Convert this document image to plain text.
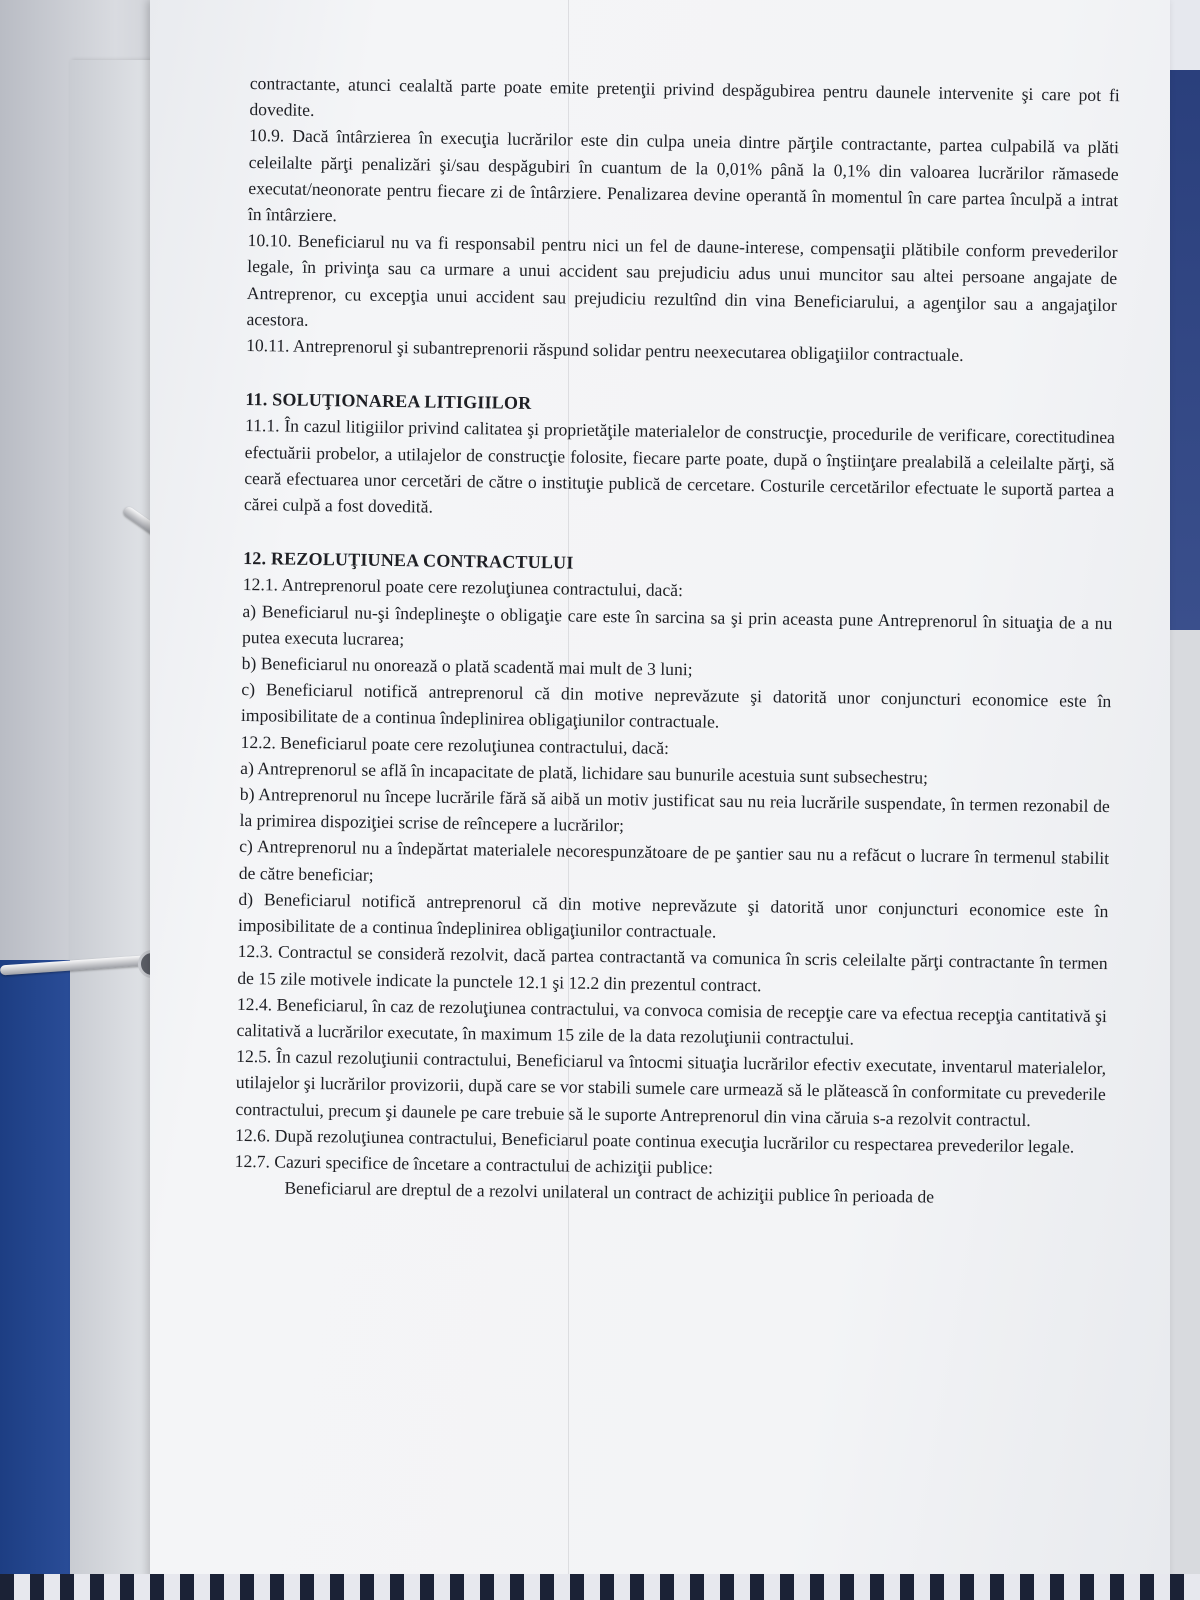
contractante, atunci cealaltă parte poate emite pretenţii privind despăgubirea pentru daunele intervenite şi care pot fi dovedite.

10.9. Dacă întârzierea în execuţia lucrărilor este din culpa uneia dintre părţile contractante, partea culpabilă va plăti celeilalte părţi penalizări şi/sau despăgubiri în cuantum de la 0,01% până la 0,1% din valoarea lucrărilor rămasede executat/neonorate pentru fiecare zi de întârziere. Penalizarea devine operantă în momentul în care partea înculpă a intrat în întârziere.

10.10. Beneficiarul nu va fi responsabil pentru nici un fel de daune-interese, compensaţii plătibile conform prevederilor legale, în privinţa sau ca urmare a unui accident sau prejudiciu adus unui muncitor sau altei persoane angajate de Antreprenor, cu excepţia unui accident sau prejudiciu rezultînd din vina Beneficiarului, a agenţilor sau a angajaţilor acestora.

10.11. Antreprenorul şi subantreprenorii răspund solidar pentru neexecutarea obligaţiilor contractuale.

11. SOLUŢIONAREA LITIGIILOR

11.1. În cazul litigiilor privind calitatea şi proprietăţile materialelor de construcţie, procedurile de verificare, corectitudinea efectuării probelor, a utilajelor de construcţie folosite, fiecare parte poate, după o înştiinţare prealabilă a celeilalte părţi, să ceară efectuarea unor cercetări de către o instituţie publică de cercetare. Costurile cercetărilor efectuate le suportă partea a cărei culpă a fost dovedită.

12. REZOLUŢIUNEA CONTRACTULUI

12.1. Antreprenorul poate cere rezoluţiunea contractului, dacă:

a) Beneficiarul nu-şi îndeplineşte o obligaţie care este în sarcina sa şi prin aceasta pune Antreprenorul în situaţia de a nu putea executa lucrarea;

b) Beneficiarul nu onorează o plată scadentă mai mult de 3 luni;

c) Beneficiarul notifică antreprenorul că din motive neprevăzute şi datorită unor conjuncturi economice este în imposibilitate de a continua îndeplinirea obligaţiunilor contractuale.

12.2. Beneficiarul poate cere rezoluţiunea contractului, dacă:

a) Antreprenorul se află în incapacitate de plată, lichidare sau bunurile acestuia sunt subsechestru;

b) Antreprenorul nu începe lucrările fără să aibă un motiv justificat sau nu reia lucrările suspendate, în termen rezonabil de la primirea dispoziţiei scrise de reîncepere a lucrărilor;

c) Antreprenorul nu a îndepărtat materialele necorespunzătoare de pe şantier sau nu a refăcut o lucrare în termenul stabilit de către beneficiar;

d) Beneficiarul notifică antreprenorul că din motive neprevăzute şi datorită unor conjuncturi economice este în imposibilitate de a continua îndeplinirea obligaţiunilor contractuale.

12.3. Contractul se consideră rezolvit, dacă partea contractantă va comunica în scris celeilalte părţi contractante în termen de 15 zile motivele indicate la punctele 12.1 şi 12.2 din prezentul contract.

12.4. Beneficiarul, în caz de rezoluţiunea contractului, va convoca comisia de recepţie care va efectua recepţia cantitativă şi calitativă a lucrărilor executate, în maximum 15 zile de la data rezoluţiunii contractului.

12.5. În cazul rezoluţiunii contractului, Beneficiarul va întocmi situaţia lucrărilor efectiv executate, inventarul materialelor, utilajelor şi lucrărilor provizorii, după care se vor stabili sumele care urmează să le plătească în conformitate cu prevederile contractului, precum şi daunele pe care trebuie să le suporte Antreprenorul din vina căruia s-a rezolvit contractul.

12.6. După rezoluţiunea contractului, Beneficiarul poate continua execuţia lucrărilor cu respectarea prevederilor legale.

12.7. Cazuri specifice de încetare a contractului de achiziţii publice:

Beneficiarul are dreptul de a rezolvi unilateral un contract de achiziţii publice în perioada de
